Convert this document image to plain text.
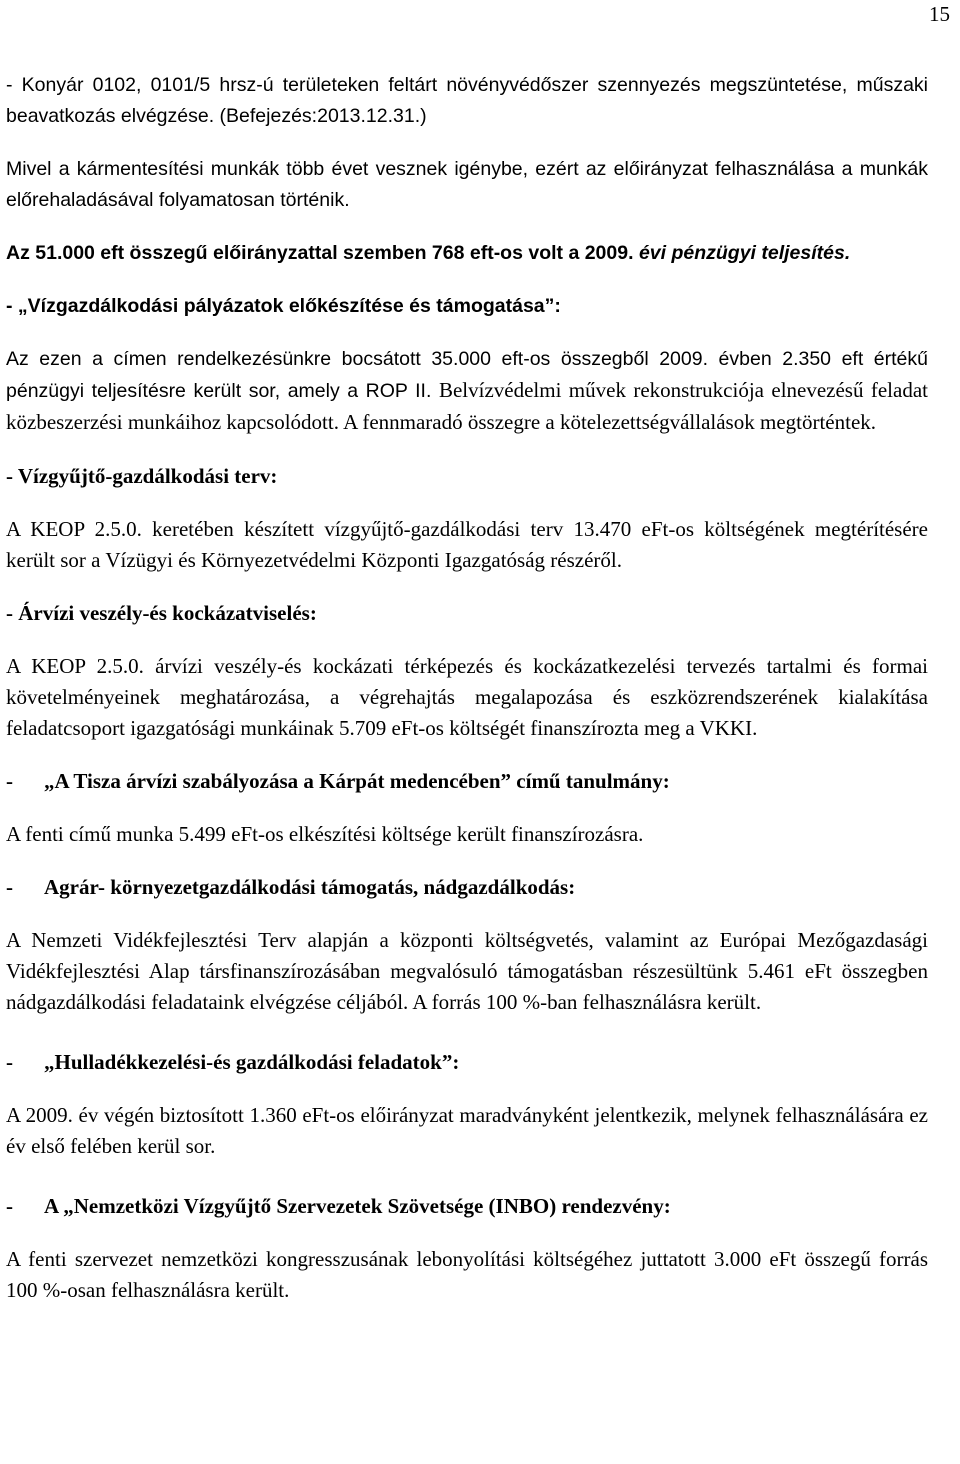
15

- Konyár 0102, 0101/5 hrsz-ú területeken feltárt növényvédőszer szennyezés megszüntetése, műszaki beavatkozás elvégzése. (Befejezés:2013.12.31.)

Mivel a kármentesítési munkák több évet vesznek igénybe, ezért az előirányzat felhasználása a munkák előrehaladásával folyamatosan történik.

Az 51.000 eft összegű előirányzattal szemben 768 eft-os volt a 2009. évi pénzügyi teljesítés.

- „Vízgazdálkodási pályázatok előkészítése és támogatása”:

Az ezen a címen rendelkezésünkre bocsátott 35.000 eft-os összegből 2009. évben 2.350 eft értékű pénzügyi teljesítésre került sor, amely a ROP II. Belvízvédelmi művek rekonstrukciója elnevezésű feladat közbeszerzési munkáihoz kapcsolódott. A fennmaradó összegre a kötelezettségvállalások megtörténtek.

- Vízgyűjtő-gazdálkodási terv:

A KEOP 2.5.0. keretében készített vízgyűjtő-gazdálkodási terv 13.470 eFt-os költségének megtérítésére került sor a Vízügyi és Környezetvédelmi Központi Igazgatóság részéről.

- Árvízi veszély-és kockázatviselés:

A KEOP 2.5.0. árvízi veszély-és kockázati térképezés és kockázatkezelési tervezés tartalmi és formai követelményeinek meghatározása, a végrehajtás megalapozása és eszközrendszerének kialakítása feladatcsoport igazgatósági munkáinak 5.709 eFt-os költségét finanszírozta meg a VKKI.

- „A Tisza árvízi szabályozása a Kárpát medencében” című tanulmány:

A fenti című munka 5.499 eFt-os elkészítési költsége került finanszírozásra.

- Agrár- környezetgazdálkodási támogatás, nádgazdálkodás:

A Nemzeti Vidékfejlesztési Terv alapján a központi költségvetés, valamint az Európai Mezőgazdasági Vidékfejlesztési Alap társfinanszírozásában megvalósuló támogatásban részesültünk 5.461 eFt összegben nádgazdálkodási feladataink elvégzése céljából. A forrás 100 %-ban felhasználásra került.

- „Hulladékkezelési-és gazdálkodási feladatok”:

A 2009. év végén biztosított 1.360 eFt-os előirányzat maradványként jelentkezik, melynek felhasználására ez év első felében kerül sor.

- A „Nemzetközi Vízgyűjtő Szervezetek Szövetsége (INBO) rendezvény:

A fenti szervezet nemzetközi kongresszusának lebonyolítási költségéhez juttatott 3.000 eFt összegű forrás 100 %-osan felhasználásra került.
